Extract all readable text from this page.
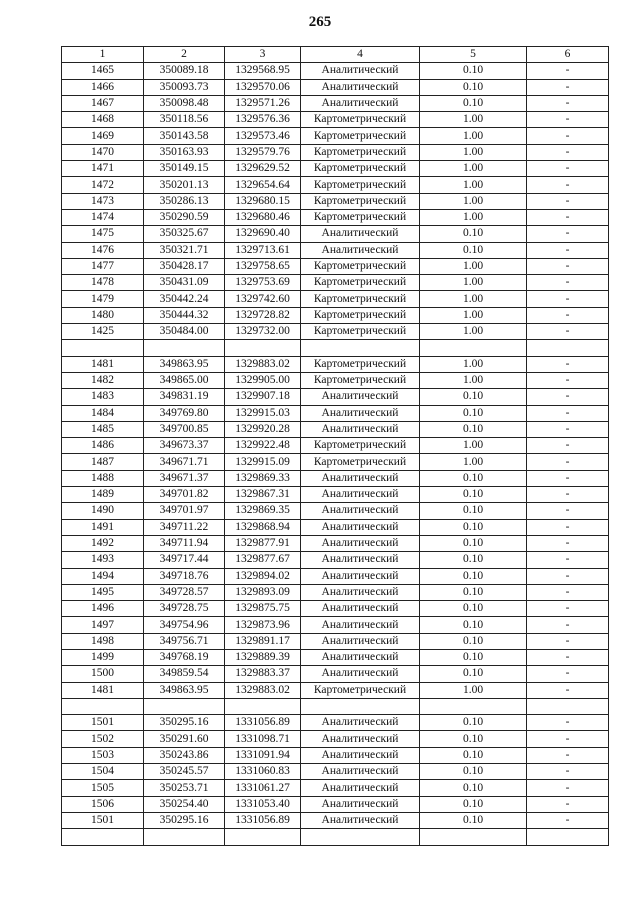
265
1	2	3	4	5	6
1465	350089.18	1329568.95	Аналитический	0.10	-
1466	350093.73	1329570.06	Аналитический	0.10	-
1467	350098.48	1329571.26	Аналитический	0.10	-
1468	350118.56	1329576.36	Картометрический	1.00	-
1469	350143.58	1329573.46	Картометрический	1.00	-
1470	350163.93	1329579.76	Картометрический	1.00	-
1471	350149.15	1329629.52	Картометрический	1.00	-
1472	350201.13	1329654.64	Картометрический	1.00	-
1473	350286.13	1329680.15	Картометрический	1.00	-
1474	350290.59	1329680.46	Картометрический	1.00	-
1475	350325.67	1329690.40	Аналитический	0.10	-
1476	350321.71	1329713.61	Аналитический	0.10	-
1477	350428.17	1329758.65	Картометрический	1.00	-
1478	350431.09	1329753.69	Картометрический	1.00	-
1479	350442.24	1329742.60	Картометрический	1.00	-
1480	350444.32	1329728.82	Картометрический	1.00	-
1425	350484.00	1329732.00	Картометрический	1.00	-

1481	349863.95	1329883.02	Картометрический	1.00	-
1482	349865.00	1329905.00	Картометрический	1.00	-
1483	349831.19	1329907.18	Аналитический	0.10	-
1484	349769.80	1329915.03	Аналитический	0.10	-
1485	349700.85	1329920.28	Аналитический	0.10	-
1486	349673.37	1329922.48	Картометрический	1.00	-
1487	349671.71	1329915.09	Картометрический	1.00	-
1488	349671.37	1329869.33	Аналитический	0.10	-
1489	349701.82	1329867.31	Аналитический	0.10	-
1490	349701.97	1329869.35	Аналитический	0.10	-
1491	349711.22	1329868.94	Аналитический	0.10	-
1492	349711.94	1329877.91	Аналитический	0.10	-
1493	349717.44	1329877.67	Аналитический	0.10	-
1494	349718.76	1329894.02	Аналитический	0.10	-
1495	349728.57	1329893.09	Аналитический	0.10	-
1496	349728.75	1329875.75	Аналитический	0.10	-
1497	349754.96	1329873.96	Аналитический	0.10	-
1498	349756.71	1329891.17	Аналитический	0.10	-
1499	349768.19	1329889.39	Аналитический	0.10	-
1500	349859.54	1329883.37	Аналитический	0.10	-
1481	349863.95	1329883.02	Картометрический	1.00	-

1501	350295.16	1331056.89	Аналитический	0.10	-
1502	350291.60	1331098.71	Аналитический	0.10	-
1503	350243.86	1331091.94	Аналитический	0.10	-
1504	350245.57	1331060.83	Аналитический	0.10	-
1505	350253.71	1331061.27	Аналитический	0.10	-
1506	350254.40	1331053.40	Аналитический	0.10	-
1501	350295.16	1331056.89	Аналитический	0.10	-
